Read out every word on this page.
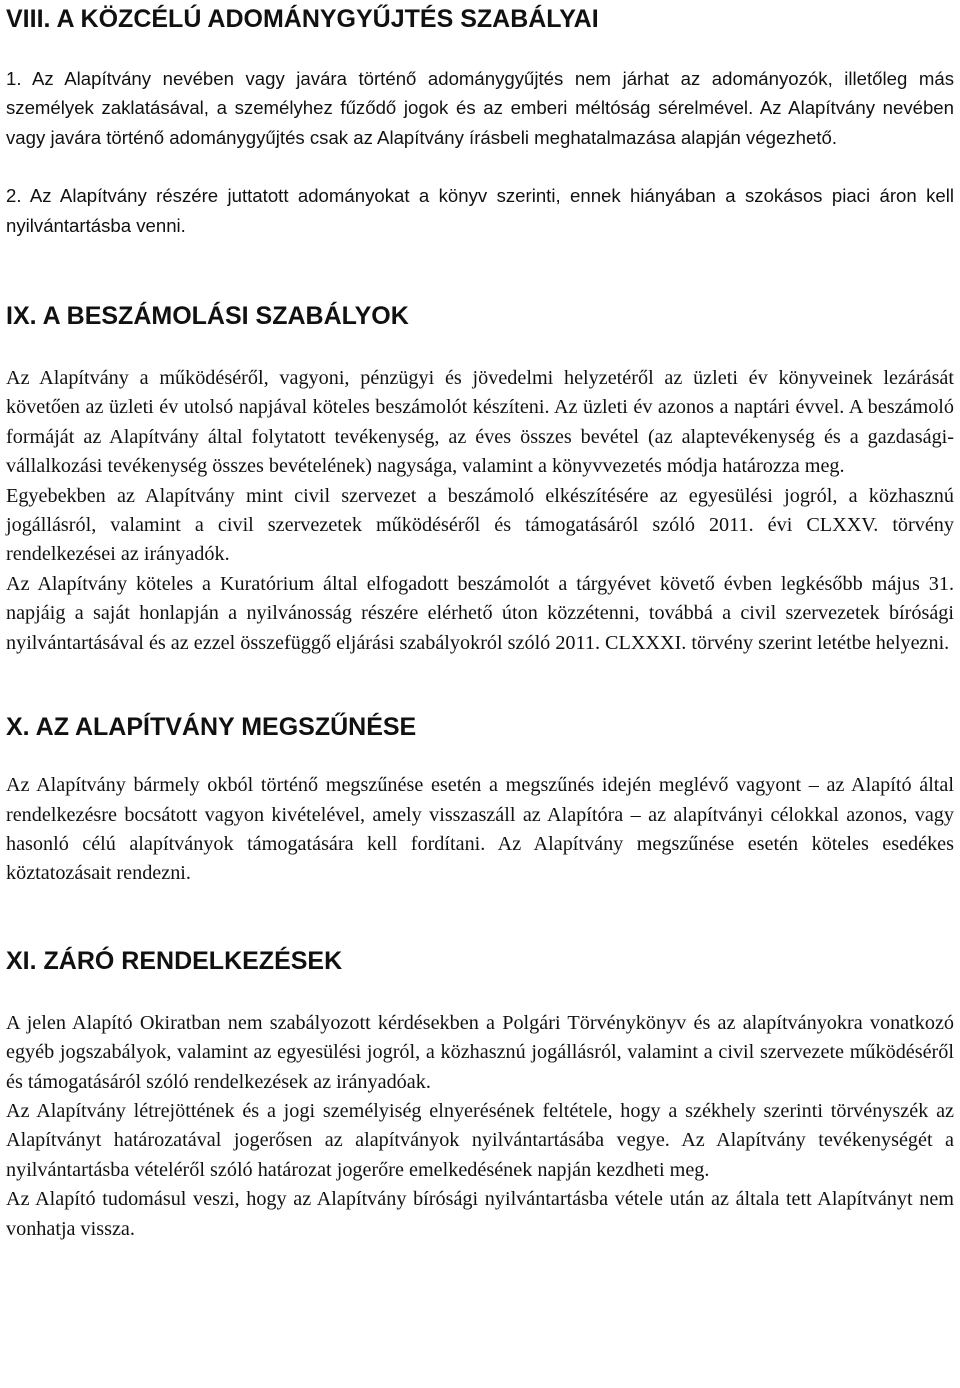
VIII. A KÖZCÉLÚ ADOMÁNYGYŰJTÉS SZABÁLYAI

1. Az Alapítvány nevében vagy javára történő adománygyűjtés nem járhat az adományozók, illetőleg más személyek zaklatásával, a személyhez fűződő jogok és az emberi méltóság sérelmével. Az Alapítvány nevében vagy javára történő adománygyűjtés csak az Alapítvány írásbeli meghatalmazása alapján végezhető.

2. Az Alapítvány részére juttatott adományokat a könyv szerinti, ennek hiányában a szokásos piaci áron kell nyilvántartásba venni.

IX. A BESZÁMOLÁSI SZABÁLYOK

Az Alapítvány a működéséről, vagyoni, pénzügyi és jövedelmi helyzetéről az üzleti év könyveinek lezárását követően az üzleti év utolsó napjával köteles beszámolót készíteni. Az üzleti év azonos a naptári évvel. A beszámoló formáját az Alapítvány által folytatott tevékenység, az éves összes bevétel (az alaptevékenység és a gazdasági-vállalkozási tevékenység összes bevételének) nagysága, valamint a könyvvezetés módja határozza meg.

Egyebekben az Alapítvány mint civil szervezet a beszámoló elkészítésére az egyesülési jogról, a közhasznú jogállásról, valamint a civil szervezetek működéséről és támogatásáról szóló 2011. évi CLXXV. törvény rendelkezései az irányadók.

Az Alapítvány köteles a Kuratórium által elfogadott beszámolót a tárgyévet követő évben legkésőbb május 31. napjáig a saját honlapján a nyilvánosság részére elérhető úton közzétenni, továbbá a civil szervezetek bírósági nyilvántartásával és az ezzel összefüggő eljárási szabályokról szóló 2011. CLXXXI. törvény szerint letétbe helyezni.

X. AZ ALAPÍTVÁNY MEGSZŰNÉSE

Az Alapítvány bármely okból történő megszűnése esetén a megszűnés idején meglévő vagyont – az Alapító által rendelkezésre bocsátott vagyon kivételével, amely visszaszáll az Alapítóra – az alapítványi célokkal azonos, vagy hasonló célú alapítványok támogatására kell fordítani. Az Alapítvány megszűnése esetén köteles esedékes köztatozásait rendezni.

XI. ZÁRÓ RENDELKEZÉSEK

A jelen Alapító Okiratban nem szabályozott kérdésekben a Polgári Törvénykönyv és az alapítványokra vonatkozó egyéb jogszabályok, valamint az egyesülési jogról, a közhasznú jogállásról, valamint a civil szervezete működéséről és támogatásáról szóló rendelkezések az irányadóak.

Az Alapítvány létrejöttének és a jogi személyiség elnyerésének feltétele, hogy a székhely szerinti törvényszék az Alapítványt határozatával jogerősen az alapítványok nyilvántartásába vegye. Az Alapítvány tevékenységét a nyilvántartásba vételéről szóló határozat jogerőre emelkedésének napján kezdheti meg.

Az Alapító tudomásul veszi, hogy az Alapítvány bírósági nyilvántartásba vétele után az általa tett Alapítványt nem vonhatja vissza.
